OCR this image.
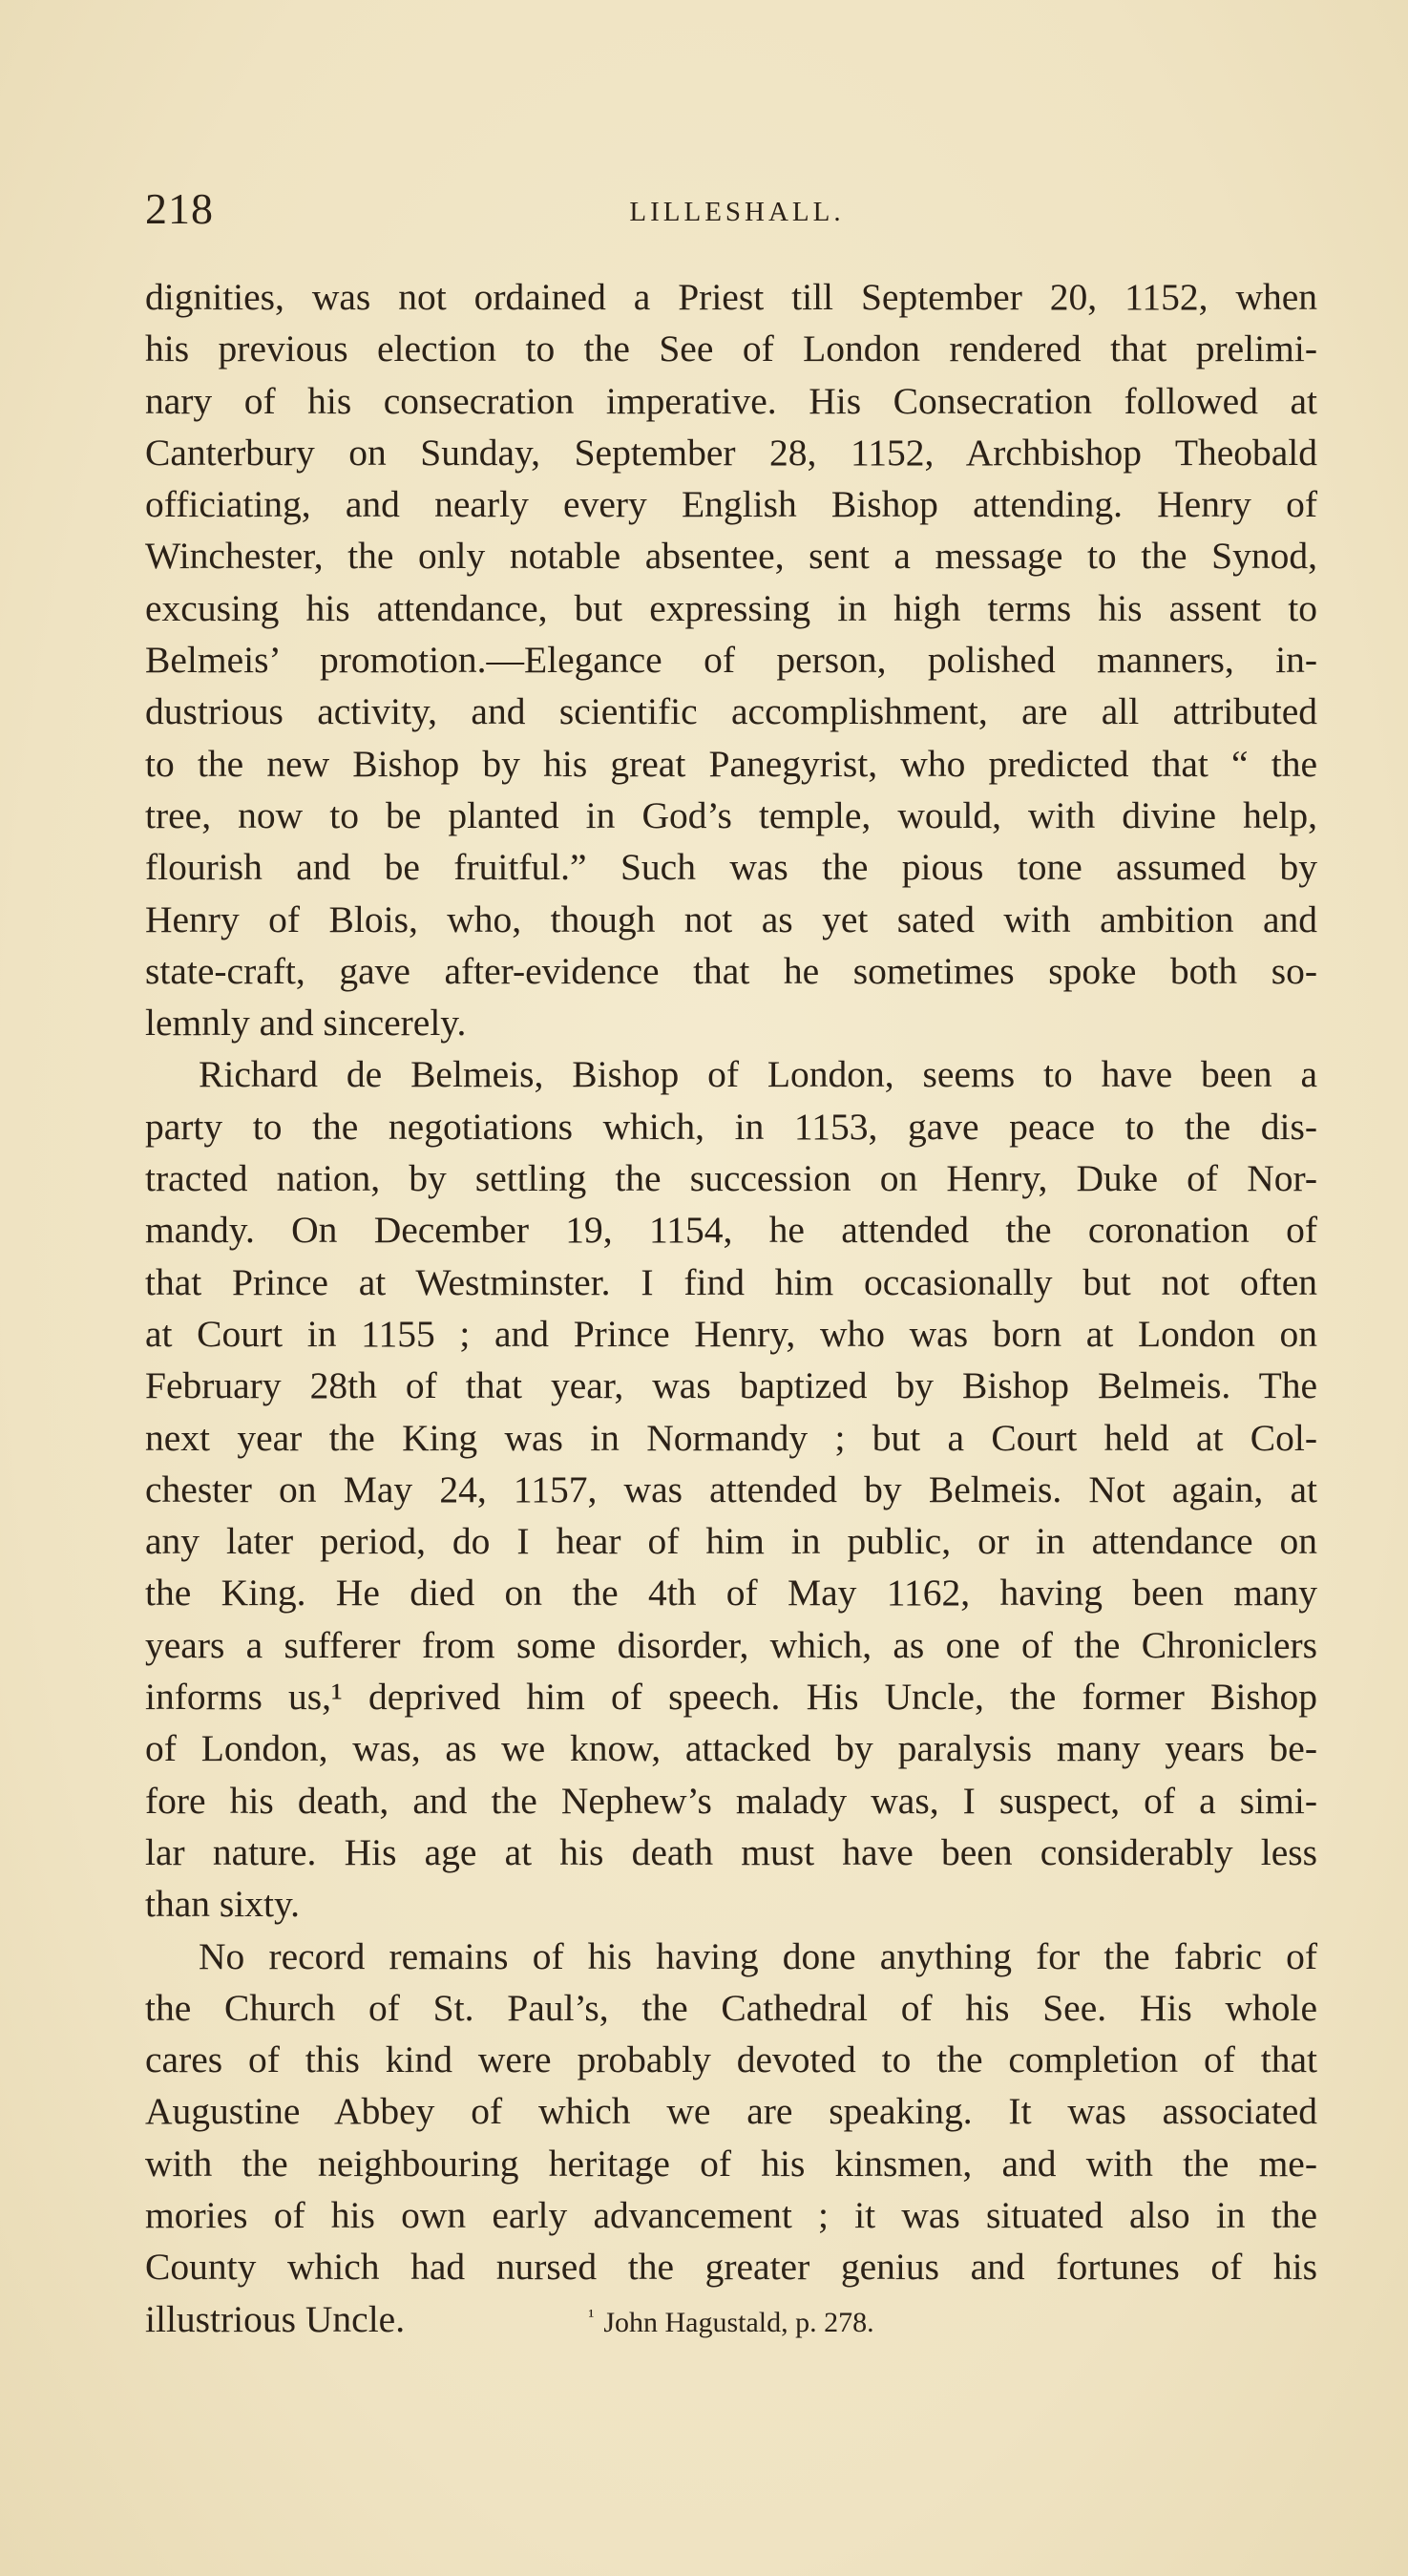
218	LILLESHALL.
dignities, was not ordained a Priest till September 20, 1152, when
his previous election to the See of London rendered that prelimi-
nary of his consecration imperative. His Consecration followed at
Canterbury on Sunday, September 28, 1152, Archbishop Theobald
officiating, and nearly every English Bishop attending. Henry of
Winchester, the only notable absentee, sent a message to the Synod,
excusing his attendance, but expressing in high terms his assent to
Belmeis’ promotion.—Elegance of person, polished manners, in-
dustrious activity, and scientific accomplishment, are all attributed
to the new Bishop by his great Panegyrist, who predicted that “ the
tree, now to be planted in God’s temple, would, with divine help,
flourish and be fruitful.” Such was the pious tone assumed by
Henry of Blois, who, though not as yet sated with ambition and
state-craft, gave after-evidence that he sometimes spoke both so-
lemnly and sincerely.
Richard de Belmeis, Bishop of London, seems to have been a
party to the negotiations which, in 1153, gave peace to the dis-
tracted nation, by settling the succession on Henry, Duke of Nor-
mandy. On December 19, 1154, he attended the coronation of
that Prince at Westminster. I find him occasionally but not often
at Court in 1155 ; and Prince Henry, who was born at London on
February 28th of that year, was baptized by Bishop Belmeis. The
next year the King was in Normandy ; but a Court held at Col-
chester on May 24, 1157, was attended by Belmeis. Not again, at
any later period, do I hear of him in public, or in attendance on
the King. He died on the 4th of May 1162, having been many
years a sufferer from some disorder, which, as one of the Chroniclers
informs us,¹ deprived him of speech. His Uncle, the former Bishop
of London, was, as we know, attacked by paralysis many years be-
fore his death, and the Nephew’s malady was, I suspect, of a simi-
lar nature. His age at his death must have been considerably less
than sixty.
No record remains of his having done anything for the fabric of
the Church of St. Paul’s, the Cathedral of his See. His whole
cares of this kind were probably devoted to the completion of that
Augustine Abbey of which we are speaking. It was associated
with the neighbouring heritage of his kinsmen, and with the me-
mories of his own early advancement ; it was situated also in the
County which had nursed the greater genius and fortunes of his
illustrious Uncle.	$^{^1}$ John Hagustald, p. 278.
